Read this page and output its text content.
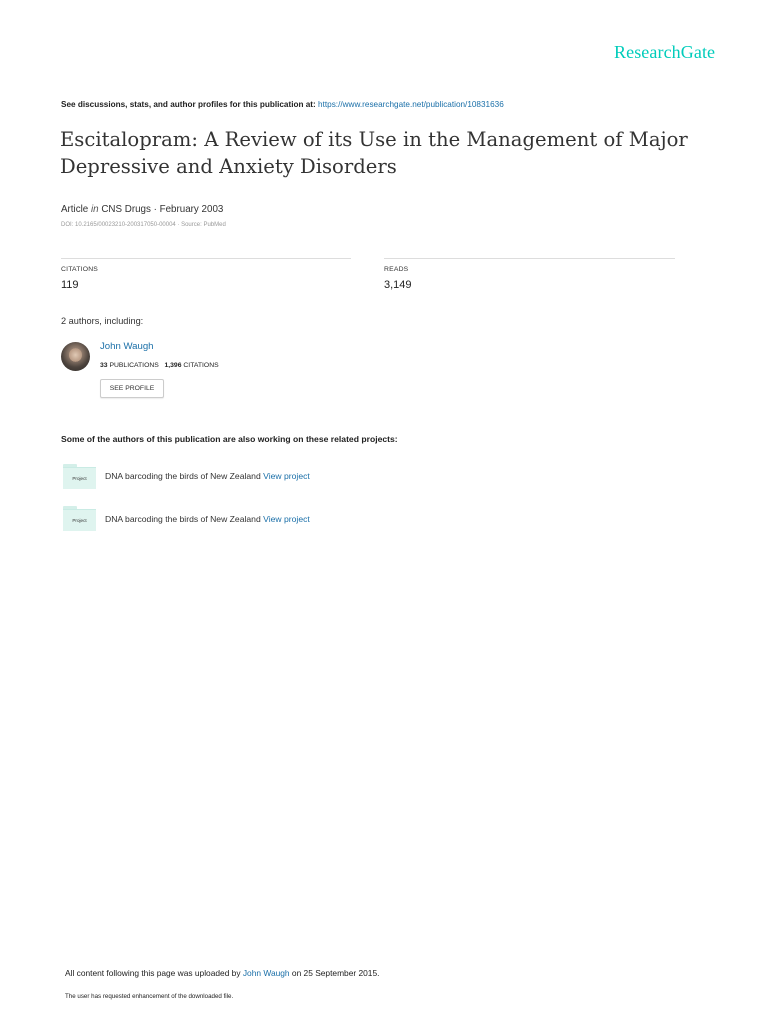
ResearchGate
See discussions, stats, and author profiles for this publication at: https://www.researchgate.net/publication/10831636
Escitalopram: A Review of its Use in the Management of Major Depressive and Anxiety Disorders
Article in CNS Drugs · February 2003
DOI: 10.2165/00023210-200317050-00004 · Source: PubMed
CITATIONS
119
READS
3,149
2 authors, including:
John Waugh
33 PUBLICATIONS 1,396 CITATIONS
SEE PROFILE
Some of the authors of this publication are also working on these related projects:
Project	DNA barcoding the birds of New Zealand View project
Project	DNA barcoding the birds of New Zealand View project
All content following this page was uploaded by John Waugh on 25 September 2015.
The user has requested enhancement of the downloaded file.
